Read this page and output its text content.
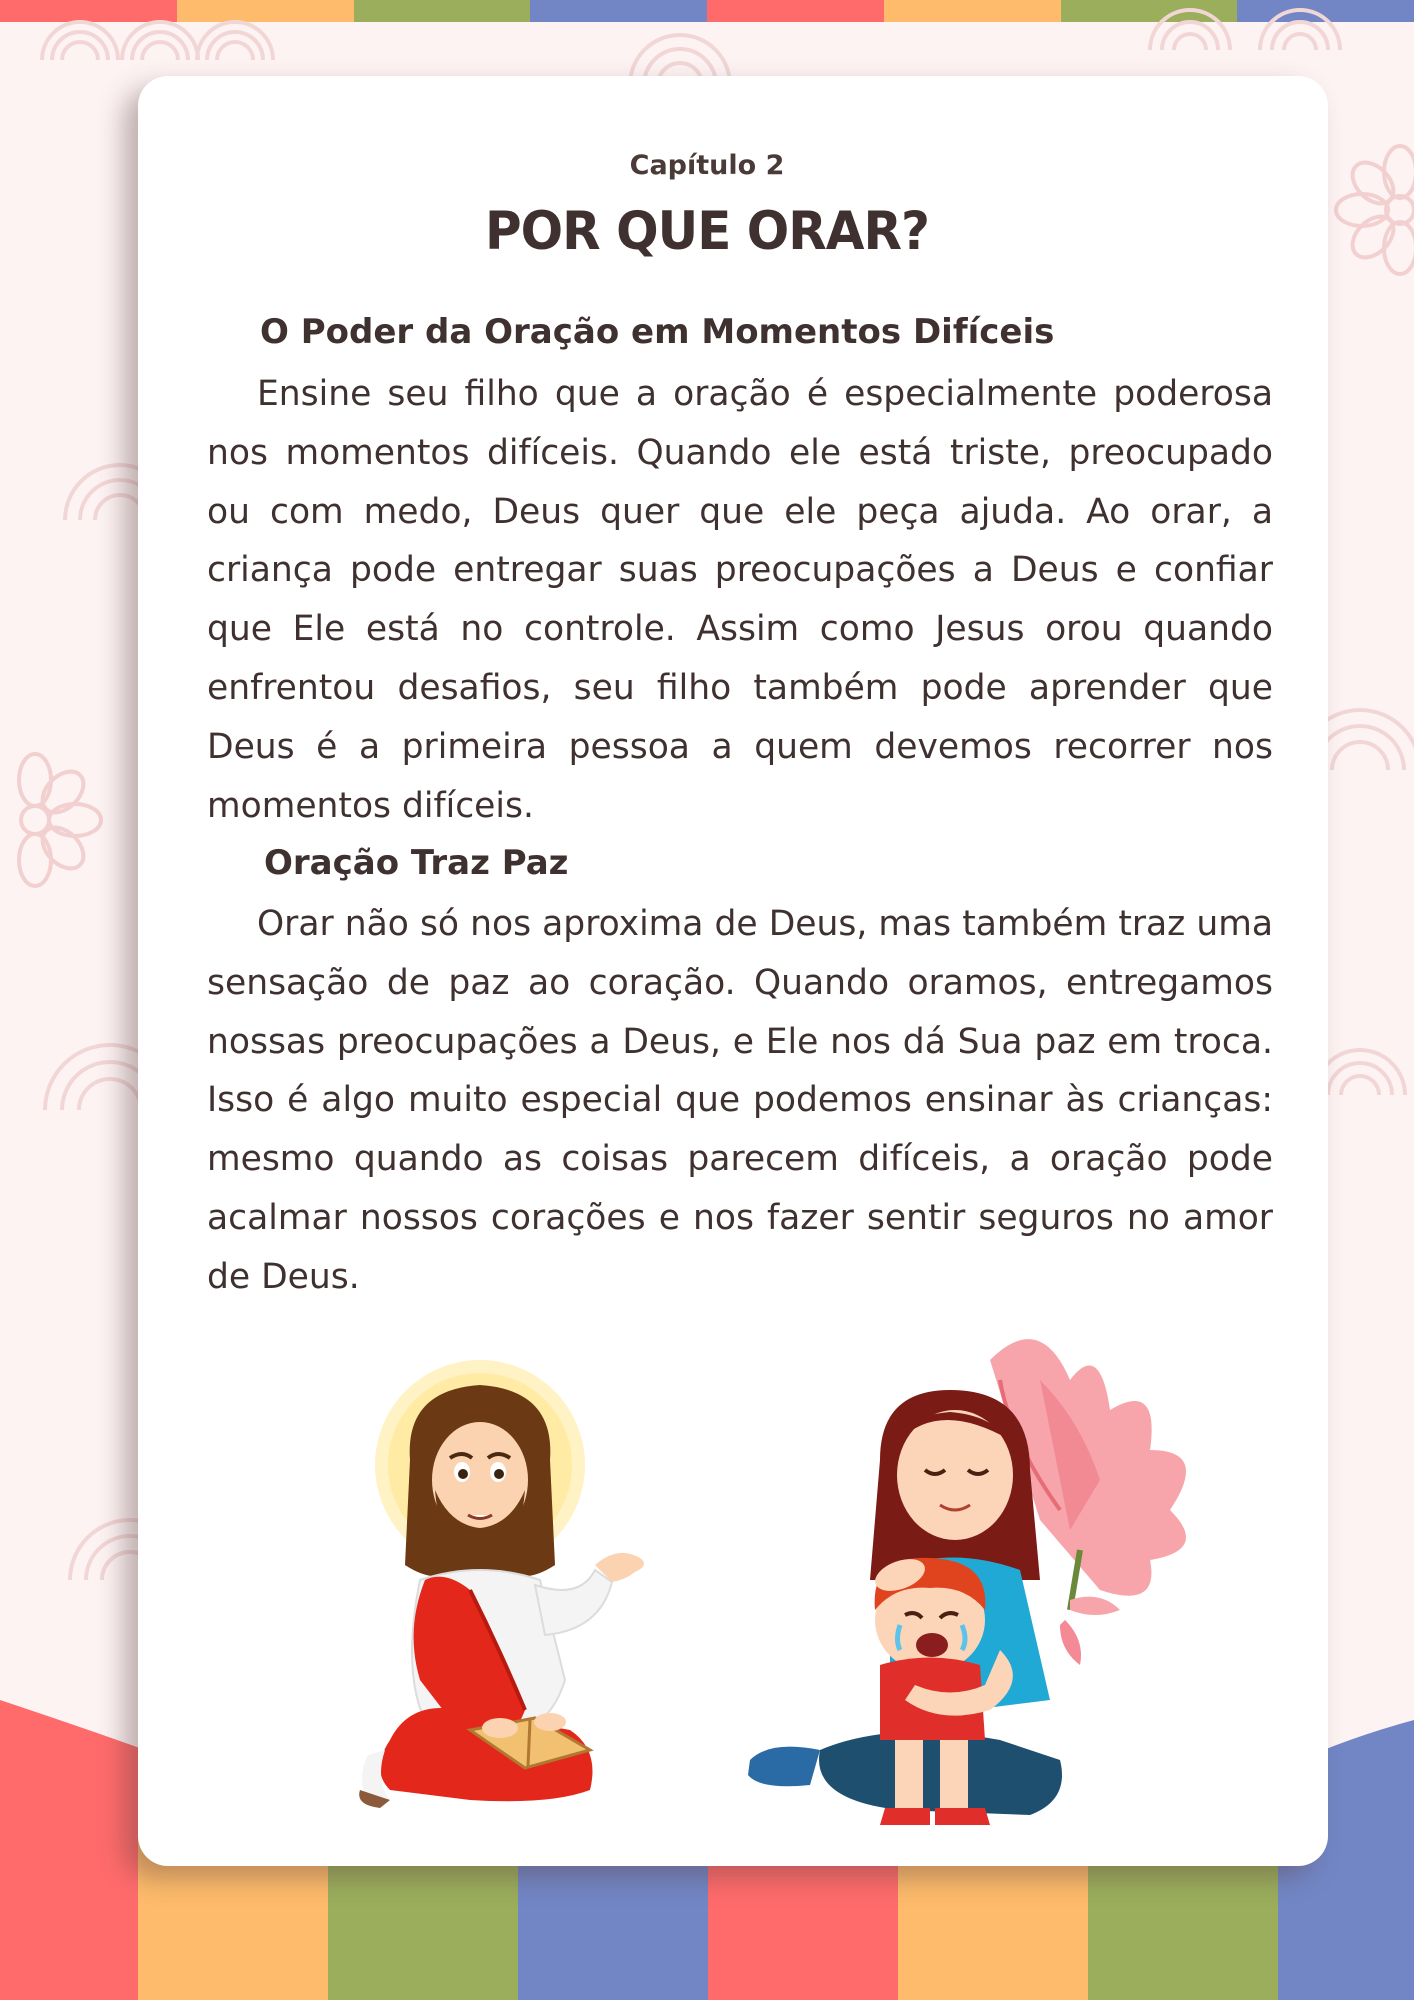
Capítulo 2
POR QUE ORAR?
O Poder da Oração em Momentos Difíceis
Ensine seu filho que a oração é especialmente poderosa nos momentos difíceis. Quando ele está triste, preocupado ou com medo, Deus quer que ele peça ajuda. Ao orar, a criança pode entregar suas preocupações a Deus e confiar que Ele está no controle. Assim como Jesus orou quando enfrentou desafios, seu filho também pode aprender que Deus é a primeira pessoa a quem devemos recorrer nos momentos difíceis.
Oração Traz Paz
Orar não só nos aproxima de Deus, mas também traz uma sensação de paz ao coração. Quando oramos, entregamos nossas preocupações a Deus, e Ele nos dá Sua paz em troca. Isso é algo muito especial que podemos ensinar às crianças: mesmo quando as coisas parecem difíceis, a oração pode acalmar nossos corações e nos fazer sentir seguros no amor de Deus.
